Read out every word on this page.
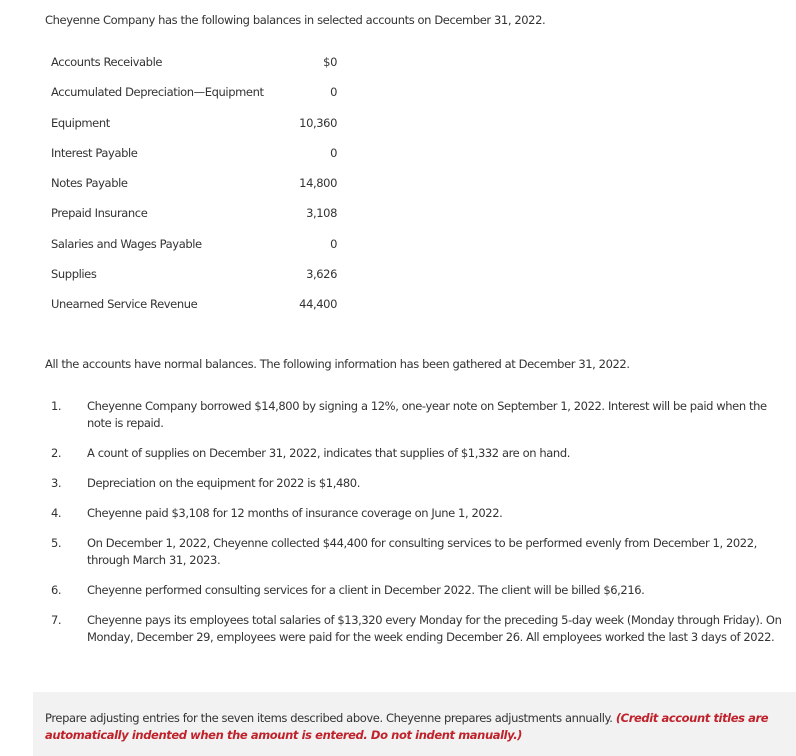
Cheyenne Company has the following balances in selected accounts on December 31, 2022.
Accounts Receivable	$0
Accumulated Depreciation—Equipment	0
Equipment	10,360
Interest Payable	0
Notes Payable	14,800
Prepaid Insurance	3,108
Salaries and Wages Payable	0
Supplies	3,626
Unearned Service Revenue	44,400
All the accounts have normal balances. The following information has been gathered at December 31, 2022.
1. Cheyenne Company borrowed $14,800 by signing a 12%, one-year note on September 1, 2022. Interest will be paid when the note is repaid.
2. A count of supplies on December 31, 2022, indicates that supplies of $1,332 are on hand.
3. Depreciation on the equipment for 2022 is $1,480.
4. Cheyenne paid $3,108 for 12 months of insurance coverage on June 1, 2022.
5. On December 1, 2022, Cheyenne collected $44,400 for consulting services to be performed evenly from December 1, 2022, through March 31, 2023.
6. Cheyenne performed consulting services for a client in December 2022. The client will be billed $6,216.
7. Cheyenne pays its employees total salaries of $13,320 every Monday for the preceding 5-day week (Monday through Friday). On Monday, December 29, employees were paid for the week ending December 26. All employees worked the last 3 days of 2022.
Prepare adjusting entries for the seven items described above. Cheyenne prepares adjustments annually. (Credit account titles are automatically indented when the amount is entered. Do not indent manually.)
